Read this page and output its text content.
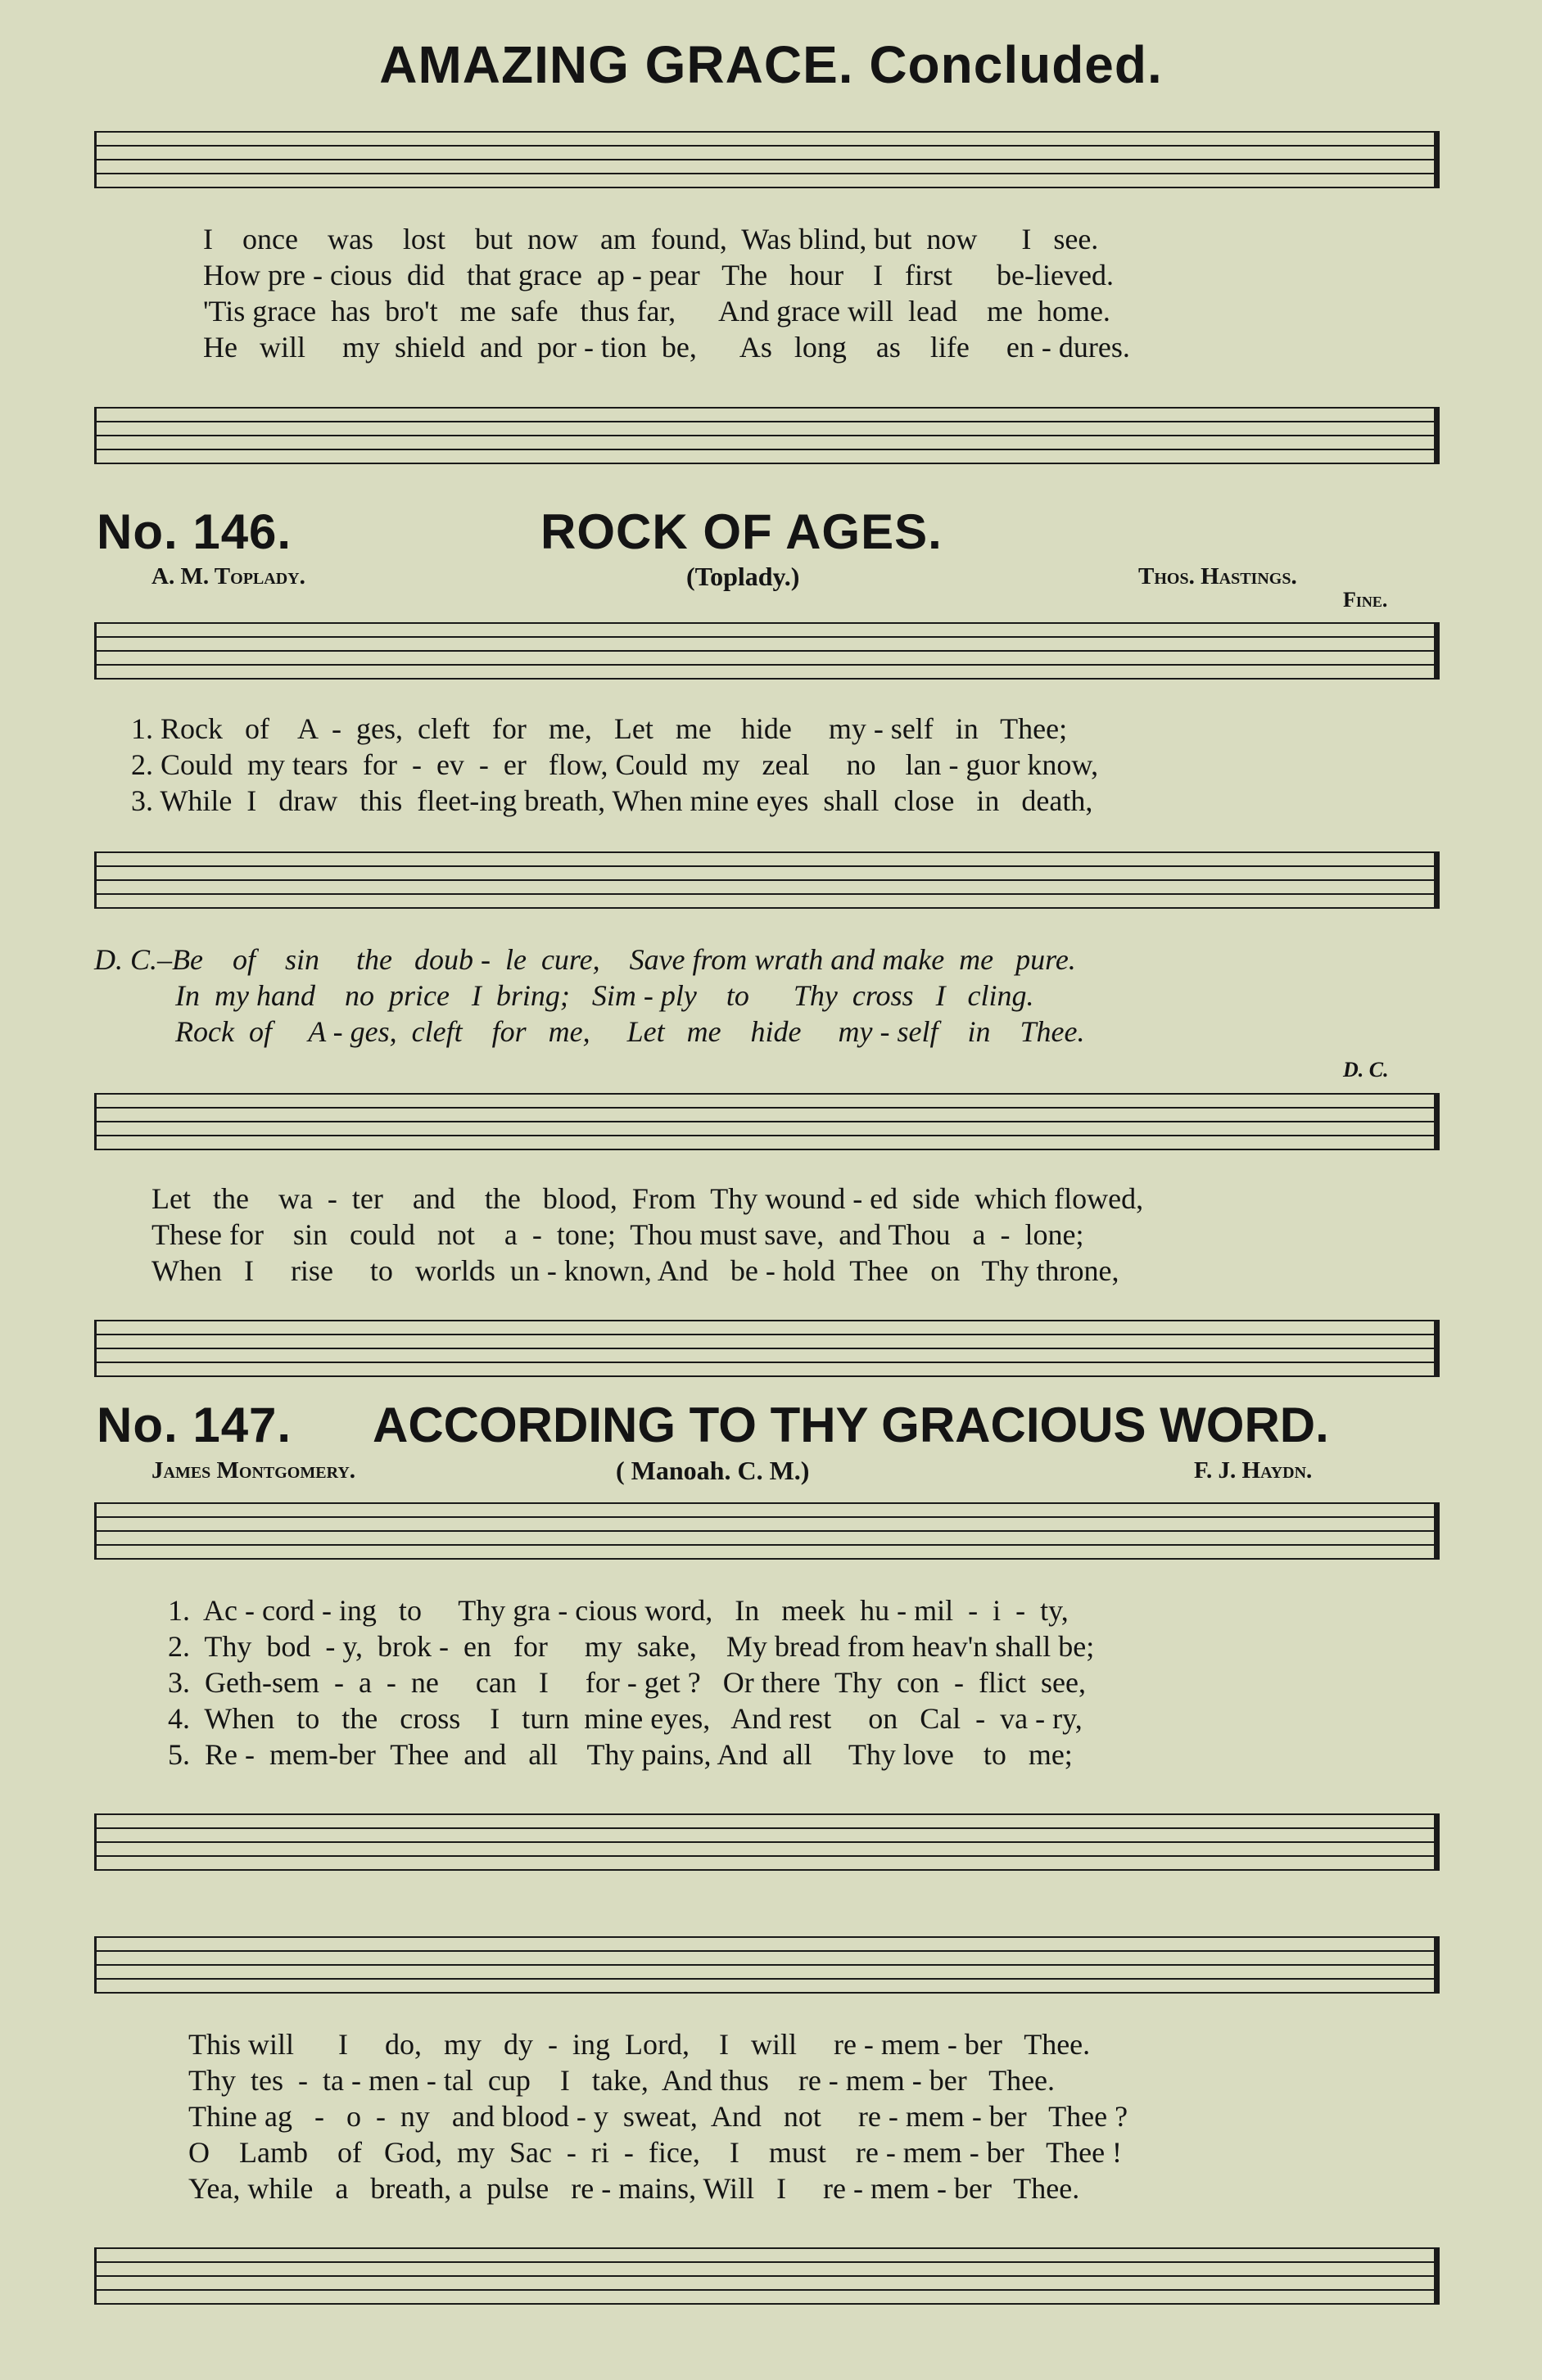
AMAZING GRACE. Concluded.
I    once    was    lost    but  now   am  found,  Was blind, but  now      I   see.
How pre - cious  did   that grace  ap - pear   The   hour    I   first      be-lieved.
'Tis grace  has  bro't   me  safe   thus far,      And grace will  lead    me  home.
He   will     my  shield  and  por - tion  be,      As   long    as    life     en - dures.
No. 146.	ROCK OF AGES.
A. M. Toplady.	(Toplady.)	Thos. Hastings.
Fine.
1. Rock   of    A  -  ges,  cleft   for   me,   Let   me    hide     my - self   in   Thee;
2. Could  my tears  for  -  ev  -  er   flow, Could  my   zeal     no    lan - guor know,
3. While  I   draw   this  fleet-ing breath, When mine eyes  shall  close   in   death,
D. C.–Be    of    sin     the   doub -  le  cure,    Save from wrath and make  me   pure.
In  my hand    no  price   I  bring;   Sim - ply    to      Thy  cross   I   cling.
Rock  of     A - ges,  cleft    for   me,     Let   me    hide     my - self    in    Thee.
D. C.
Let   the    wa  -  ter    and    the   blood,  From  Thy wound - ed  side  which flowed,
These for    sin   could   not    a  -  tone;  Thou must save,  and Thou   a  -  lone;
When   I     rise     to   worlds  un - known, And   be - hold  Thee   on   Thy throne,
No. 147. ACCORDING TO THY GRACIOUS WORD.
James Montgomery.	( Manoah. C. M.)	F. J. Haydn.
1.  Ac - cord - ing   to     Thy gra - cious word,   In   meek  hu - mil  -  i  -  ty,
2.  Thy  bod  - y,  brok -  en   for     my  sake,    My bread from heav'n shall be;
3.  Geth-sem  -  a  -  ne     can   I     for - get ?   Or there  Thy  con  -  flict  see,
4.  When   to   the   cross    I   turn  mine eyes,   And rest     on   Cal  -  va - ry,
5.  Re -  mem-ber  Thee  and   all    Thy pains, And  all     Thy love    to   me;
This will      I     do,   my   dy  -  ing  Lord,    I   will     re - mem - ber   Thee.
Thy  tes  -  ta - men - tal  cup    I   take,  And thus    re - mem - ber   Thee.
Thine ag   -   o  -  ny   and blood - y  sweat,  And   not     re - mem - ber   Thee ?
O    Lamb    of   God,  my  Sac  -  ri  -  fice,    I    must    re - mem - ber   Thee !
Yea, while   a   breath, a  pulse   re - mains, Will   I     re - mem - ber   Thee.
